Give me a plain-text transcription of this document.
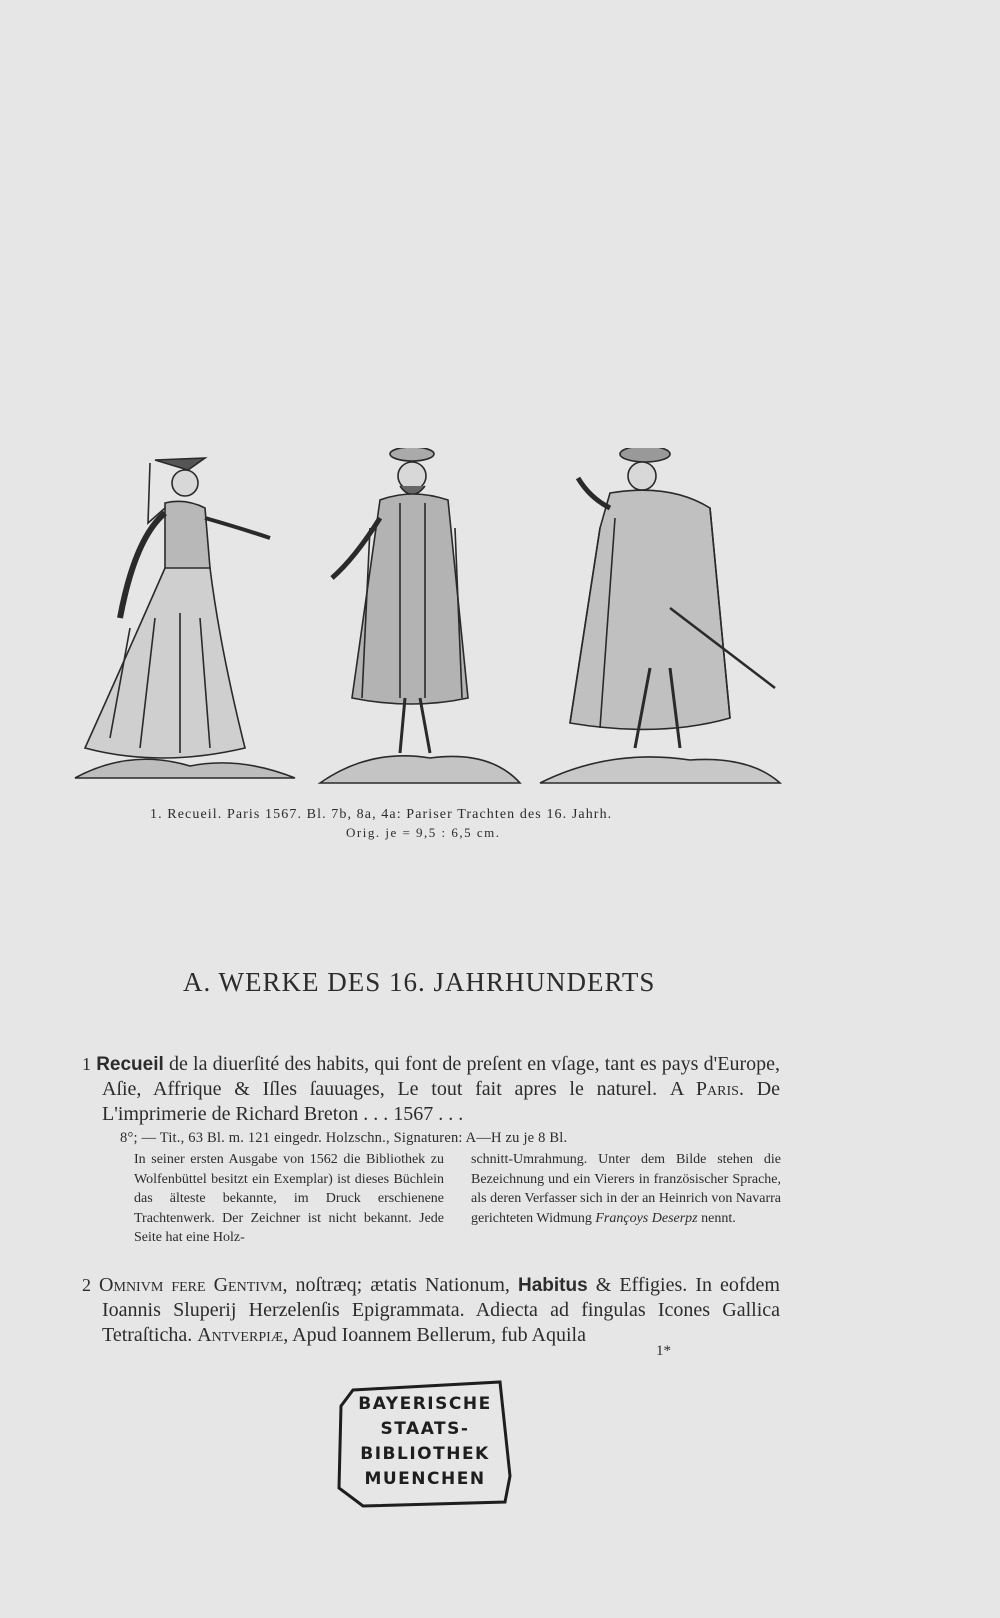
1. Recueil. Paris 1567. Bl. 7b, 8a, 4a: Pariser Trachten des 16. Jahrh.
Orig. je = 9,5 : 6,5 cm.
A. WERKE DES 16. JAHRHUNDERTS
1 Recueil de la diuerſité des habits, qui font de preſent en vſage, tant es pays d'Europe, Aſie, Affrique & Iſles ſauuages, Le tout fait apres le naturel. A Paris. De L'imprimerie de Richard Breton . . . 1567 . . .
8°; — Tit., 63 Bl. m. 121 eingedr. Holzschn., Signaturen: A—H zu je 8 Bl.
In seiner ersten Ausgabe von 1562 die Bibliothek zu Wolfenbüttel besitzt ein Exemplar) ist dieses Büchlein das älteste bekannte, im Druck erschienene Trachtenwerk. Der Zeichner ist nicht bekannt. Jede Seite hat eine Holz-
schnitt-Umrahmung. Unter dem Bilde stehen die Bezeichnung und ein Vierers in französischer Sprache, als deren Verfasser sich in der an Heinrich von Navarra gerichteten Widmung Françoys Deserpz nennt.
2 Omnivm fere Gentivm, noſtræq; ætatis Nationum, Habitus & Effigies. In eofdem Ioannis Sluperij Herzelenſis Epigrammata. Adiecta ad fingulas Icones Gallica Tetraſticha. Antverpiæ, Apud Ioannem Bellerum, fub Aquila
1*
BAYERISCHE
STAATS-
BIBLIOTHEK
MUENCHEN
